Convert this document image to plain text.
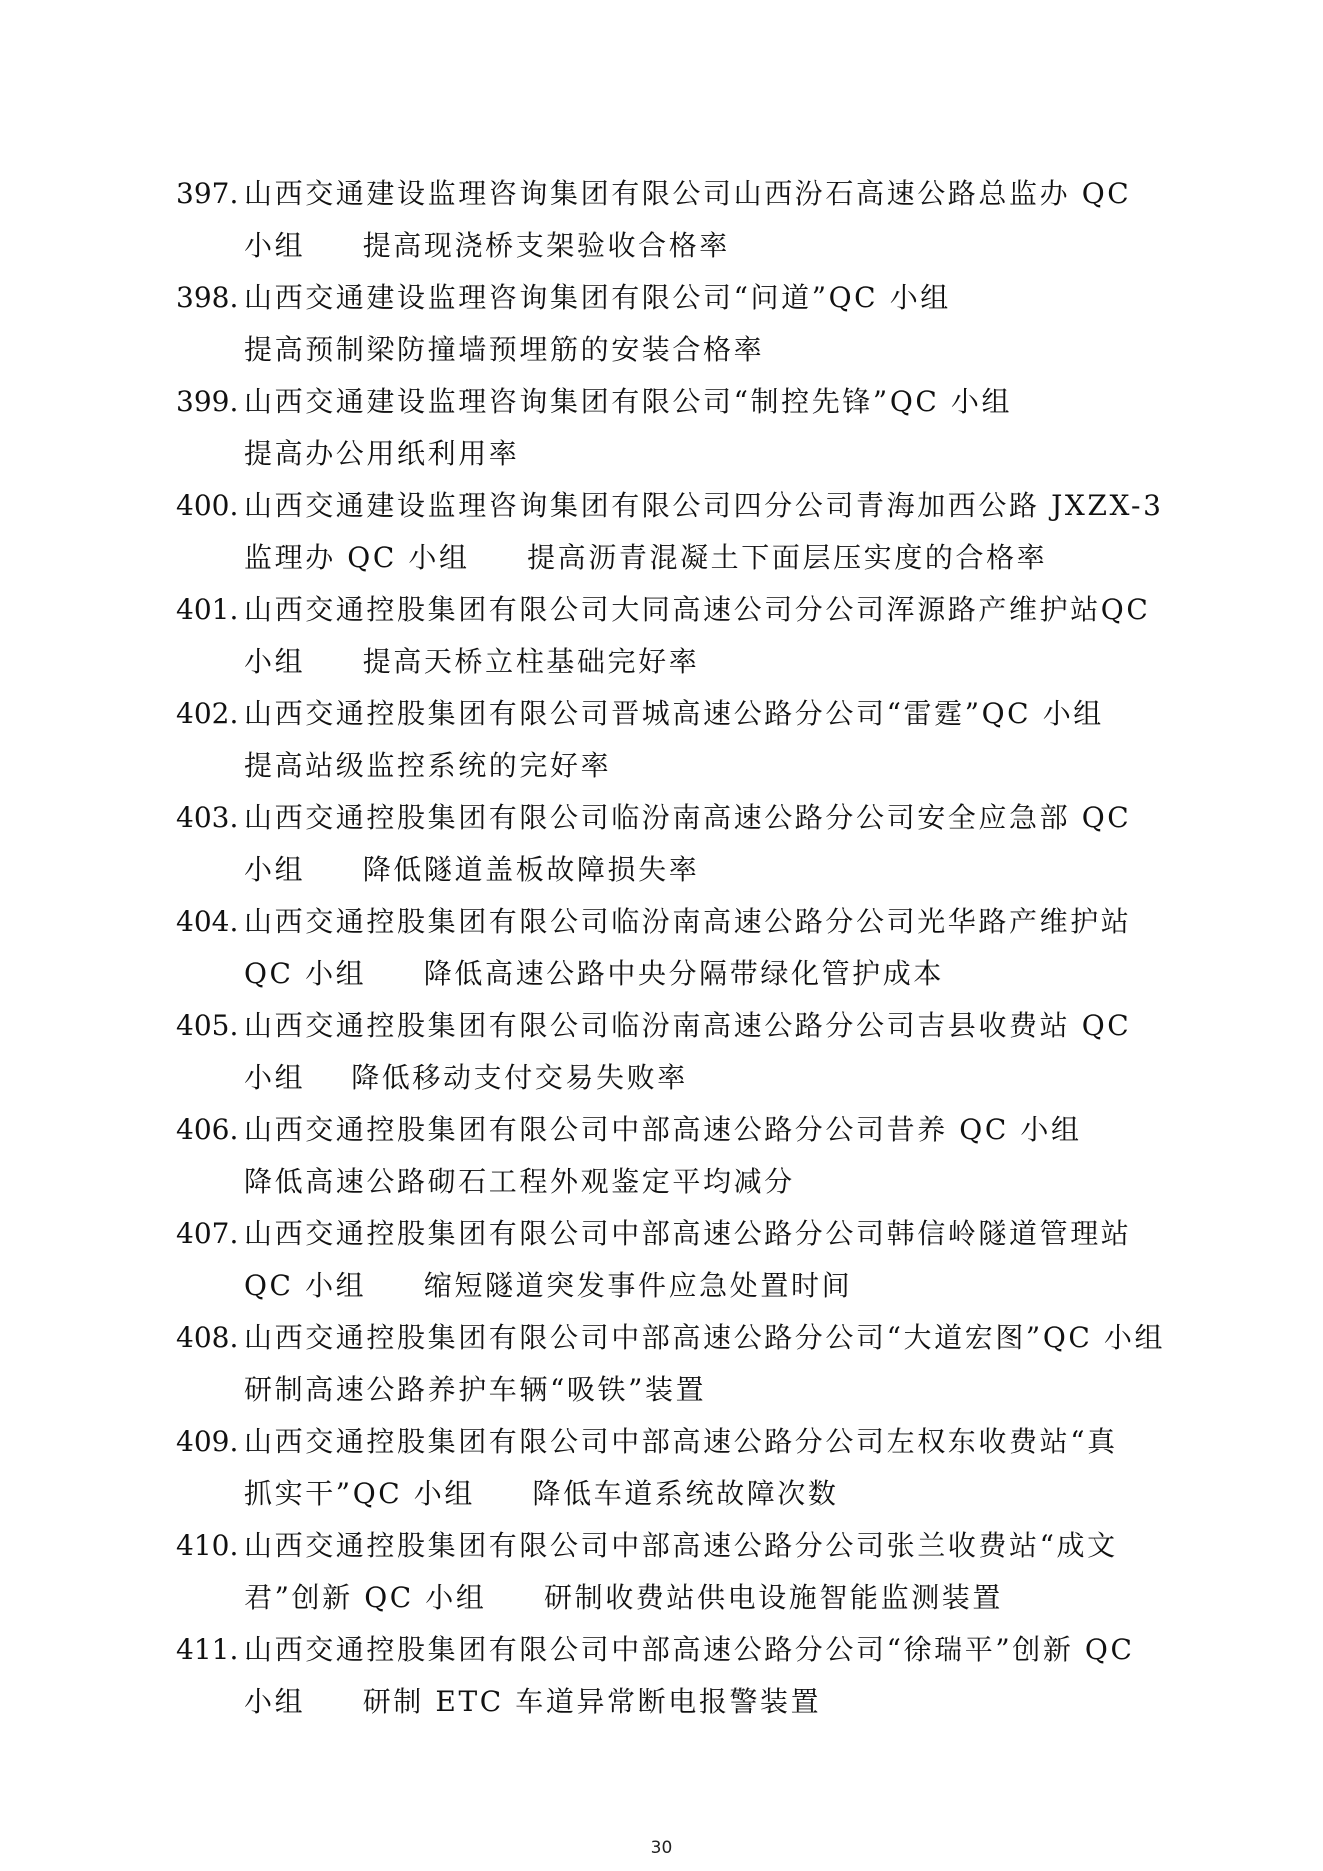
397. 山西交通建设监理咨询集团有限公司山西汾石高速公路总监办 QC
小组     提高现浇桥支架验收合格率
398. 山西交通建设监理咨询集团有限公司“问道”QC 小组
提高预制梁防撞墙预埋筋的安装合格率
399. 山西交通建设监理咨询集团有限公司“制控先锋”QC 小组
提高办公用纸利用率
400. 山西交通建设监理咨询集团有限公司四分公司青海加西公路 JXZX-3
监理办 QC 小组     提高沥青混凝土下面层压实度的合格率
401. 山西交通控股集团有限公司大同高速公司分公司浑源路产维护站QC
小组     提高天桥立柱基础完好率
402. 山西交通控股集团有限公司晋城高速公路分公司“雷霆”QC 小组
提高站级监控系统的完好率
403. 山西交通控股集团有限公司临汾南高速公路分公司安全应急部 QC
小组     降低隧道盖板故障损失率
404. 山西交通控股集团有限公司临汾南高速公路分公司光华路产维护站
QC 小组     降低高速公路中央分隔带绿化管护成本
405. 山西交通控股集团有限公司临汾南高速公路分公司吉县收费站 QC
小组    降低移动支付交易失败率
406. 山西交通控股集团有限公司中部高速公路分公司昔养 QC 小组
降低高速公路砌石工程外观鉴定平均减分
407. 山西交通控股集团有限公司中部高速公路分公司韩信岭隧道管理站
QC 小组     缩短隧道突发事件应急处置时间
408. 山西交通控股集团有限公司中部高速公路分公司“大道宏图”QC 小组
研制高速公路养护车辆“吸铁”装置
409. 山西交通控股集团有限公司中部高速公路分公司左权东收费站“真
抓实干”QC 小组     降低车道系统故障次数
410. 山西交通控股集团有限公司中部高速公路分公司张兰收费站“成文
君”创新 QC 小组     研制收费站供电设施智能监测装置
411. 山西交通控股集团有限公司中部高速公路分公司“徐瑞平”创新 QC
小组     研制 ETC 车道异常断电报警装置
30
